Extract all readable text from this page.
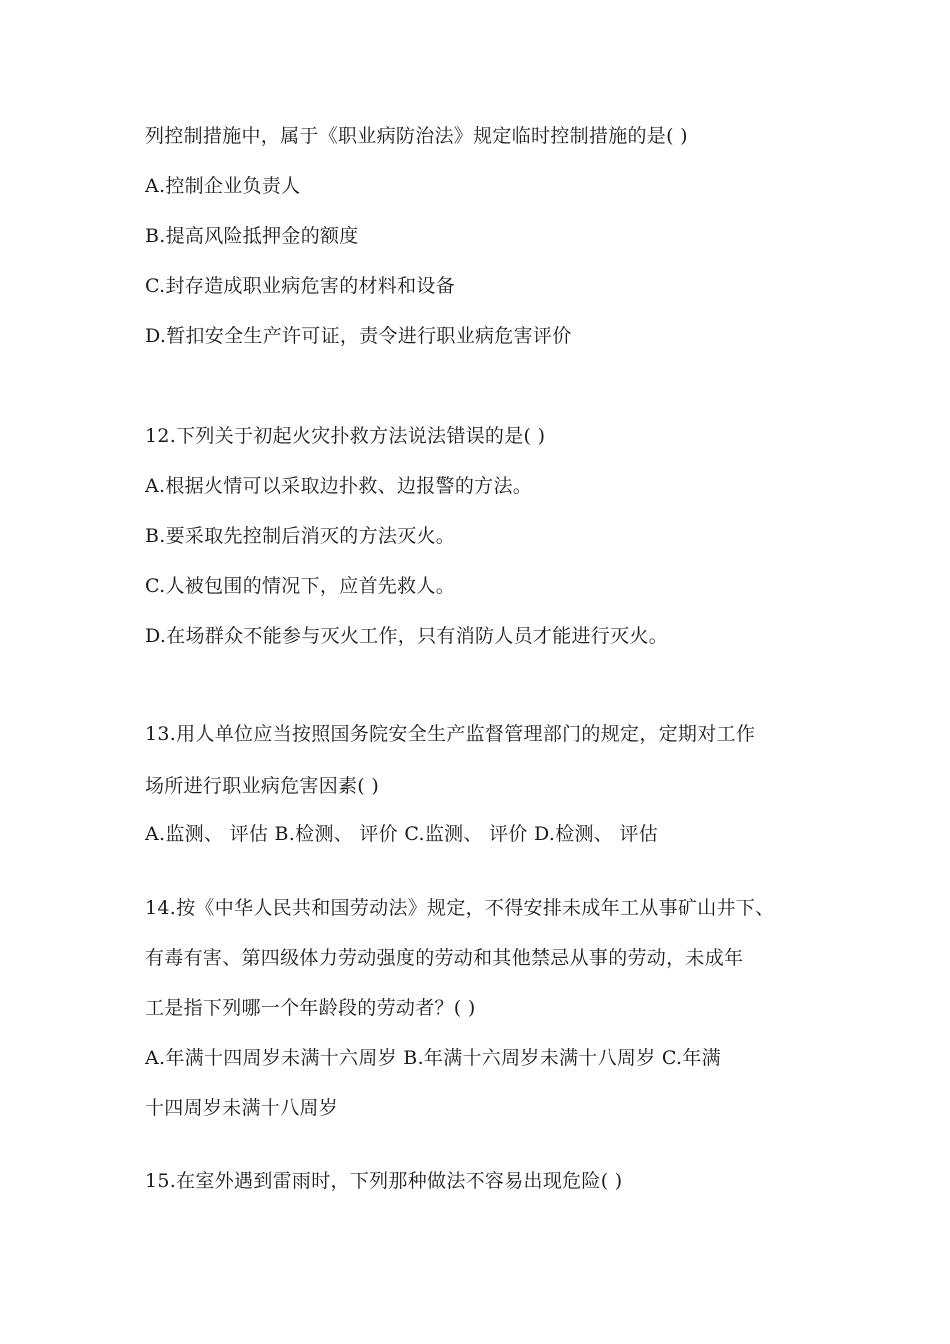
列控制措施中，属于《职业病防治法》规定临时控制措施的是( )
A.控制企业负责人
B.提高风险抵押金的额度
C.封存造成职业病危害的材料和设备
D.暂扣安全生产许可证，责令进行职业病危害评价
12.下列关于初起火灾扑救方法说法错误的是( )
A.根据火情可以采取边扑救、边报警的方法。
B.要采取先控制后消灭的方法灭火。
C.人被包围的情况下，应首先救人。
D.在场群众不能参与灭火工作，只有消防人员才能进行灭火。
13.用人单位应当按照国务院安全生产监督管理部门的规定，定期对工作
场所进行职业病危害因素( )
A.监测、 评估 B.检测、 评价 C.监测、 评价 D.检测、 评估
14.按《中华人民共和国劳动法》规定，不得安排未成年工从事矿山井下、
有毒有害、第四级体力劳动强度的劳动和其他禁忌从事的劳动，未成年
工是指下列哪一个年龄段的劳动者？( )
A.年满十四周岁未满十六周岁 B.年满十六周岁未满十八周岁 C.年满
十四周岁未满十八周岁
15.在室外遇到雷雨时，下列那种做法不容易出现危险( )
